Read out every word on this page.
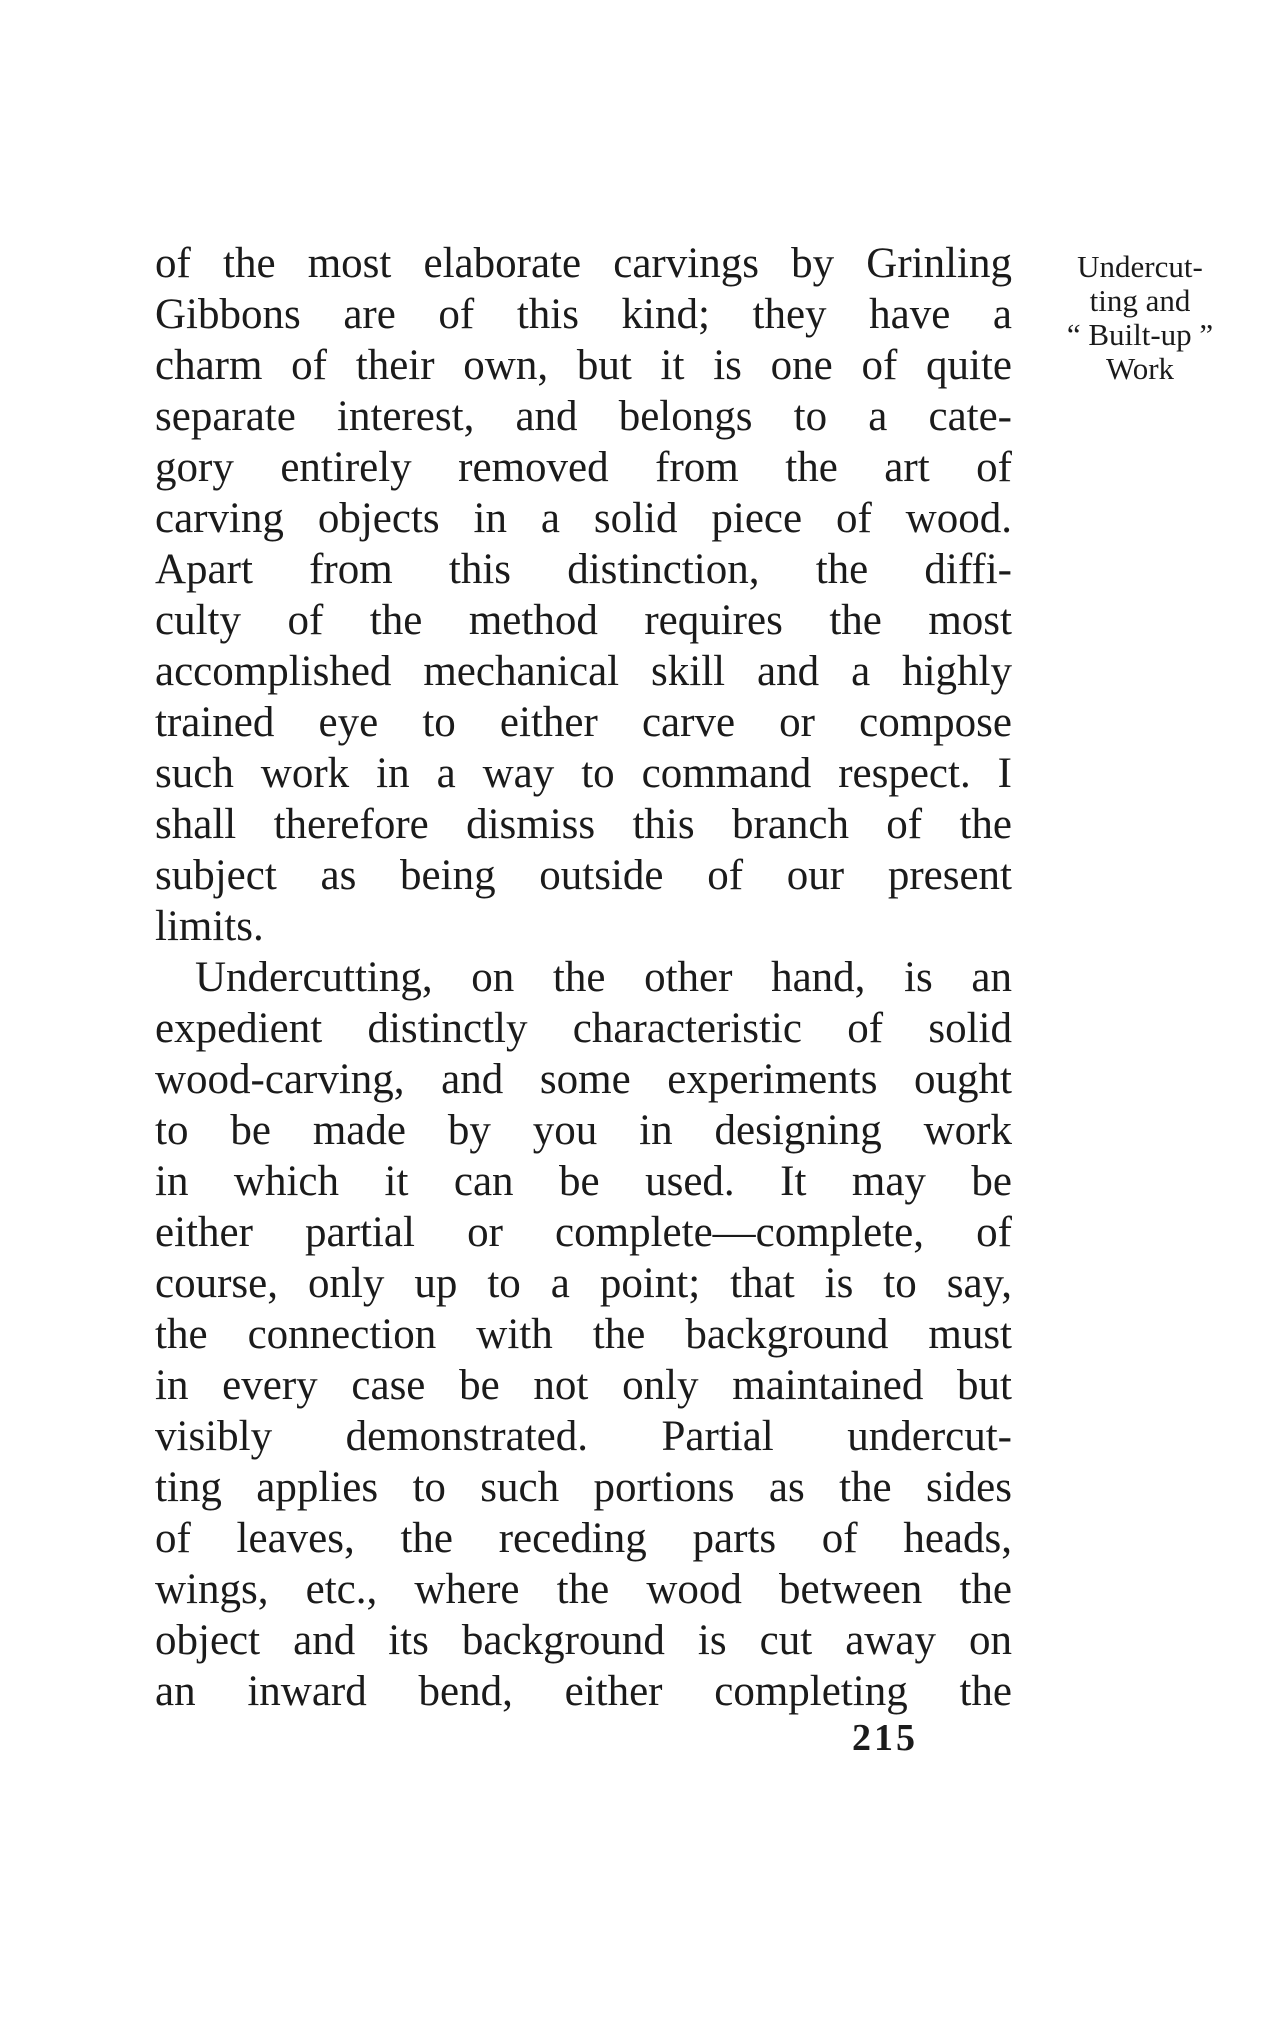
of the most elaborate carvings by Grinling
Gibbons are of this kind; they have a
charm of their own, but it is one of quite
separate interest, and belongs to a cate-
gory entirely removed from the art of
carving objects in a solid piece of wood.
Apart from this distinction, the diffi-
culty of the method requires the most
accomplished mechanical skill and a highly
trained eye to either carve or compose
such work in a way to command respect. I
shall therefore dismiss this branch of the
subject as being outside of our present
limits.
Undercutting, on the other hand, is an
expedient distinctly characteristic of solid
wood-carving, and some experiments ought
to be made by you in designing work
in which it can be used. It may be
either partial or complete—complete, of
course, only up to a point; that is to say,
the connection with the background must
in every case be not only maintained but
visibly demonstrated. Partial undercut-
ting applies to such portions as the sides
of leaves, the receding parts of heads,
wings, etc., where the wood between the
object and its background is cut away on
an inward bend, either completing the
Undercut-
ting and
“ Built-up ”
Work
215
